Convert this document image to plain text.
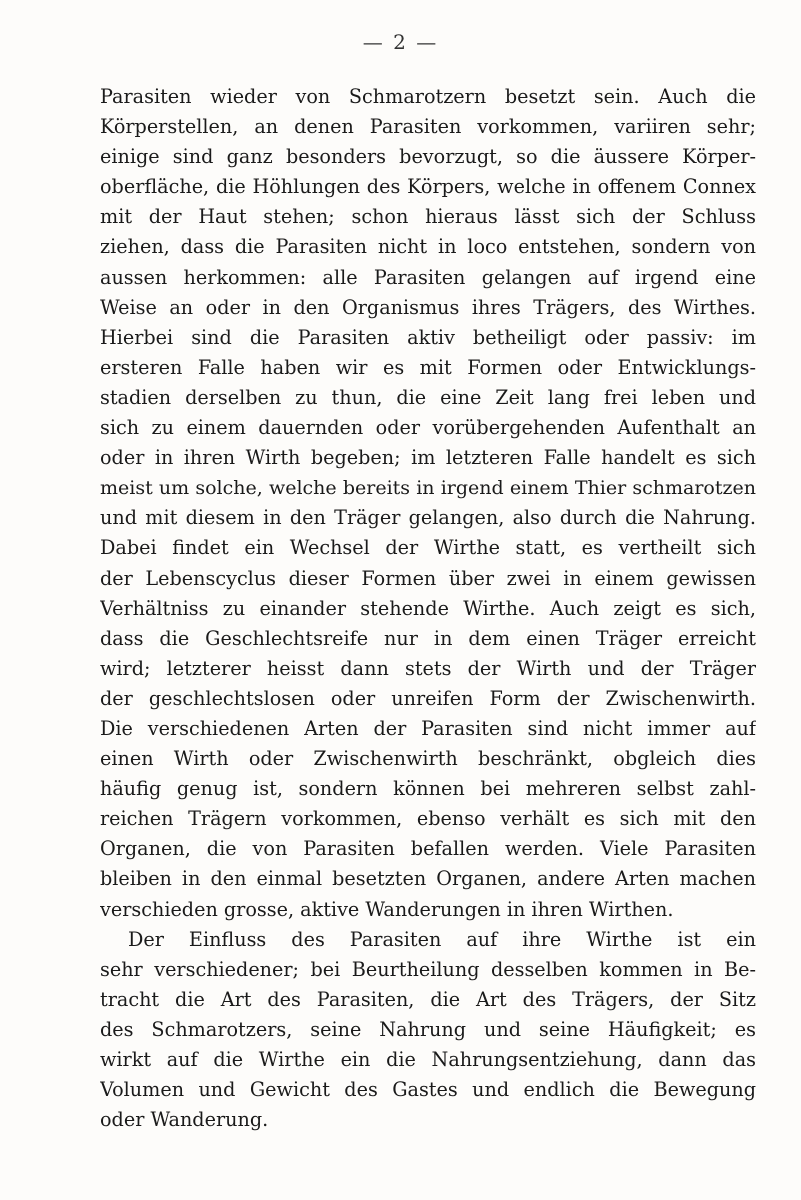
— 2 —
Parasiten wieder von Schmarotzern besetzt sein. Auch die
Körperstellen, an denen Parasiten vorkommen, variiren sehr;
einige sind ganz besonders bevorzugt, so die äussere Körper-
oberfläche, die Höhlungen des Körpers, welche in offenem Connex
mit der Haut stehen; schon hieraus lässt sich der Schluss
ziehen, dass die Parasiten nicht in loco entstehen, sondern von
aussen herkommen: alle Parasiten gelangen auf irgend eine
Weise an oder in den Organismus ihres Trägers, des Wirthes.
Hierbei sind die Parasiten aktiv betheiligt oder passiv: im
ersteren Falle haben wir es mit Formen oder Entwicklungs-
stadien derselben zu thun, die eine Zeit lang frei leben und
sich zu einem dauernden oder vorübergehenden Aufenthalt an
oder in ihren Wirth begeben; im letzteren Falle handelt es sich
meist um solche, welche bereits in irgend einem Thier schmarotzen
und mit diesem in den Träger gelangen, also durch die Nahrung.
Dabei findet ein Wechsel der Wirthe statt, es vertheilt sich
der Lebenscyclus dieser Formen über zwei in einem gewissen
Verhältniss zu einander stehende Wirthe. Auch zeigt es sich,
dass die Geschlechtsreife nur in dem einen Träger erreicht
wird; letzterer heisst dann stets der Wirth und der Träger
der geschlechtslosen oder unreifen Form der Zwischenwirth.
Die verschiedenen Arten der Parasiten sind nicht immer auf
einen Wirth oder Zwischenwirth beschränkt, obgleich dies
häufig genug ist, sondern können bei mehreren selbst zahl-
reichen Trägern vorkommen, ebenso verhält es sich mit den
Organen, die von Parasiten befallen werden. Viele Parasiten
bleiben in den einmal besetzten Organen, andere Arten machen
verschieden grosse, aktive Wanderungen in ihren Wirthen.
Der Einfluss des Parasiten auf ihre Wirthe ist ein
sehr verschiedener; bei Beurtheilung desselben kommen in Be-
tracht die Art des Parasiten, die Art des Trägers, der Sitz
des Schmarotzers, seine Nahrung und seine Häufigkeit; es
wirkt auf die Wirthe ein die Nahrungsentziehung, dann das
Volumen und Gewicht des Gastes und endlich die Bewegung
oder Wanderung.
